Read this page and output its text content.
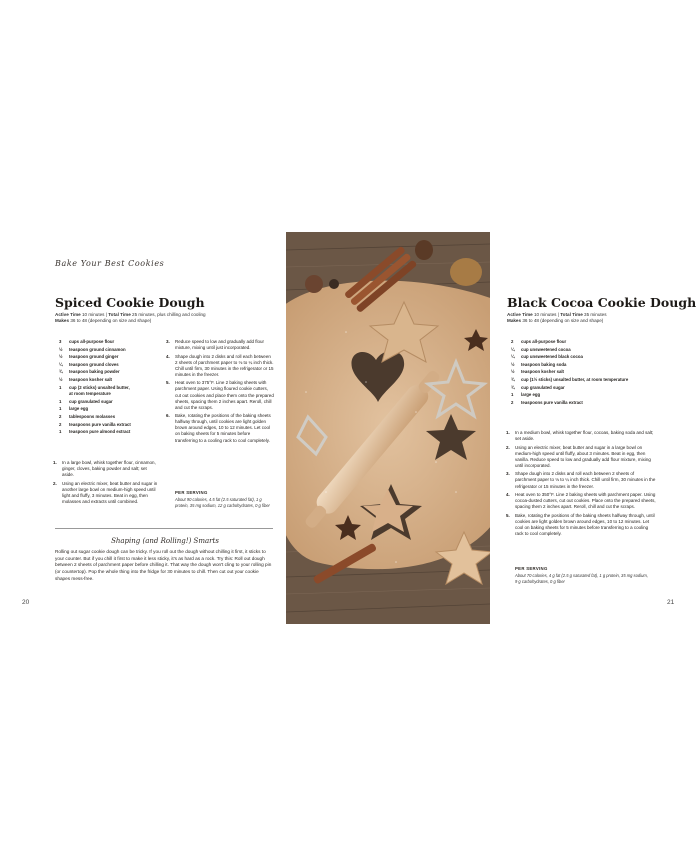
Bake Your Best Cookies
Spiced Cookie Dough
Active Time 10 minutes | Total Time 25 minutes, plus chilling and cooling
Makes 36 to 48 (depending on size and shape)
3	cups all-purpose flour
½	teaspoon ground cinnamon
½	teaspoon ground ginger
¼	teaspoon ground cloves
¾	teaspoon baking powder
½	teaspoon kosher salt
1	cup (2 sticks) unsalted butter,
at room temperature
1	cup granulated sugar
1	large egg
2	tablespoons molasses
2	teaspoons pure vanilla extract
1	teaspoon pure almond extract
1.	In a large bowl, whisk together flour, cinnamon, ginger, cloves, baking powder and salt; set aside.
2.	Using an electric mixer, beat butter and sugar in another large bowl on medium-high speed until light and fluffy, 3 minutes. Beat in egg, then molasses and extracts until combined.
3.	Reduce speed to low and gradually add flour mixture, mixing until just incorporated.
4.	Shape dough into 2 disks and roll each between 2 sheets of parchment paper to ⅛ to ¼ inch thick. Chill until firm, 30 minutes in the refrigerator or 15 minutes in the freezer.
5.	Heat oven to 375°F. Line 2 baking sheets with parchment paper. Using floured cookie cutters, cut out cookies and place them onto the prepared sheets, spacing them 2 inches apart. Reroll, chill and cut the scraps.
6.	Bake, rotating the positions of the baking sheets halfway through, until cookies are light golden brown around edges, 10 to 12 minutes. Let cool on baking sheets for 5 minutes before transferring to a cooling rack to cool completely.
PER SERVING
About 90 calories, 4.5 fat (2.5 saturated fat), 1 g protein, 35 mg sodium, 12 g carbohydrates, 0 g fiber
Shaping (and Rolling!) Smarts

Rolling out sugar cookie dough can be tricky. If you roll out the dough without chilling it first, it sticks to your counter. But if you chill it first to make it less sticky, it's as hard as a rock. Try this: Roll out dough between 2 sheets of parchment paper before chilling it. That way the dough won't cling to your rolling pin (or countertop). Pop the whole thing into the fridge for 30 minutes to chill. Then cut out your cookie shapes mess-free.

20
Black Cocoa Cookie Dough
Active Time 10 minutes | Total Time 35 minutes
Makes 36 to 48 (depending on size and shape)
2	cups all-purpose flour
¼	cup unsweetened cocoa
¼	cup unsweetened black cocoa
½	teaspoon baking soda
½	teaspoon kosher salt
¾	cup (1½ sticks) unsalted butter, at room temperature
¾	cup granulated sugar
1	large egg
2	teaspoons pure vanilla extract
1.	In a medium bowl, whisk together flour, cocoas, baking soda and salt; set aside.
2.	Using an electric mixer, beat butter and sugar in a large bowl on medium-high speed until fluffy, about 3 minutes. Beat in egg, then vanilla. Reduce speed to low and gradually add flour mixture, mixing until incorporated.
3.	Shape dough into 2 disks and roll each between 2 sheets of parchment paper to ⅛ to ¼ inch thick. Chill until firm, 30 minutes in the refrigerator or 15 minutes in the freezer.
4.	Heat oven to 350°F. Line 2 baking sheets with parchment paper. Using cocoa-dusted cutters, cut out cookies. Place onto the prepared sheets, spacing them 2 inches apart. Reroll, chill and cut the scraps.
5.	Bake, rotating the positions of the baking sheets halfway through, until cookies are light golden brown around edges, 10 to 12 minutes. Let cool on baking sheets for 5 minutes before transferring to a cooling rack to cool completely.
PER SERVING
About 70 calories, 4 g fat (2.5 g saturated fat), 1 g protein, 35 mg sodium, 9 g carbohydrates, 0 g fiber
21
